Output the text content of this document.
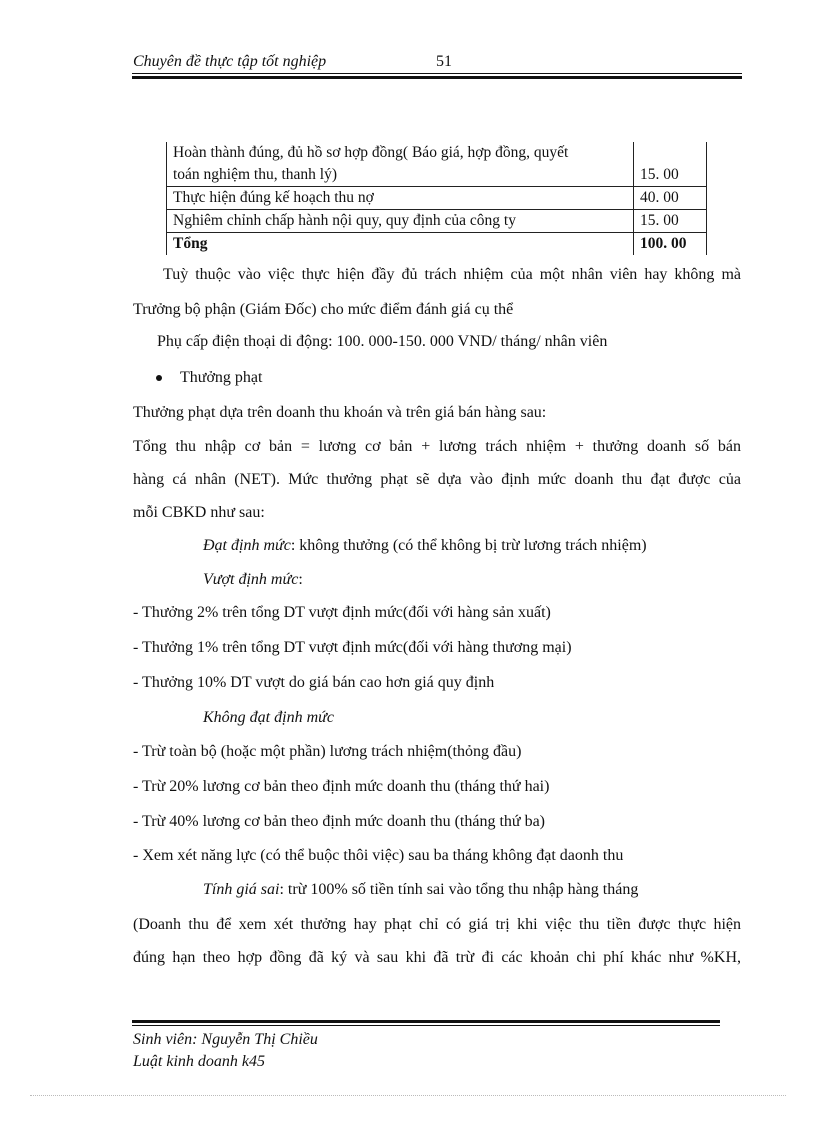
Chuyên đề thực tập tốt nghiệp	51
Hoàn thành đúng, đủ hồ sơ hợp đồng( Báo giá, hợp đồng, quyết
toán nghiệm thu, thanh lý)	15. 00
Thực hiện đúng kế hoạch thu nợ	40. 00
Nghiêm chỉnh chấp hành nội quy, quy định của công ty	15. 00
Tổng	100. 00
Tuỳ thuộc vào việc thực hiện đầy đủ trách nhiệm của một nhân viên hay không mà
Trưởng bộ phận (Giám Đốc) cho mức điểm đánh giá cụ thể
Phụ cấp điện thoại di động: 100. 000-150. 000 VND/ tháng/ nhân viên
Thưởng phạt
Thưởng phạt dựa trên doanh thu khoán và trên giá bán hàng sau:
Tổng thu nhập cơ bản = lương cơ bản + lương trách nhiệm + thưởng doanh số bán
hàng cá nhân (NET). Mức thưởng phạt sẽ dựa vào định mức doanh thu đạt được của
mỗi CBKD như sau:
Đạt định mức: không thưởng (có thể không bị trừ lương trách nhiệm)
Vượt định mức:
- Thưởng 2% trên tổng DT vượt định mức(đối với hàng sản xuất)
- Thưởng 1% trên tổng DT vượt định mức(đối với hàng thương mại)
- Thưởng 10% DT vượt do giá bán cao hơn giá quy định
Không đạt định mức
- Trừ toàn bộ (hoặc một phần) lương trách nhiệm(thỏng đầu)
- Trừ 20% lương cơ bản theo định mức doanh thu (tháng thứ hai)
- Trừ 40% lương cơ bản theo định mức doanh thu (tháng thứ ba)
- Xem xét năng lực (có thể buộc thôi việc) sau ba tháng không đạt daonh thu
Tính giá sai: trừ 100% số tiền tính sai vào tổng thu nhập hàng tháng
(Doanh thu để xem xét thưởng hay phạt chỉ có giá trị khi việc thu tiền được thực hiện
đúng hạn theo hợp đồng đã ký và sau khi đã trừ đi các khoản chi phí khác như %KH,
Sinh viên: Nguyễn Thị Chiều
Luật kinh doanh k45
